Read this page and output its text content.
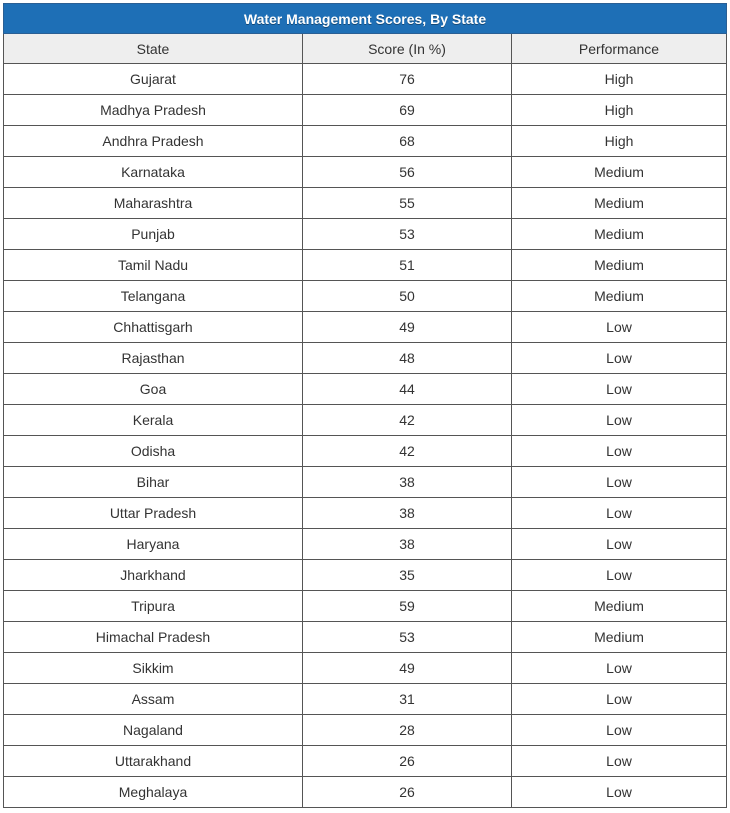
Water Management Scores, By State		
State	Score (In %)	Performance
Gujarat	76	High
Madhya Pradesh	69	High
Andhra Pradesh	68	High
Karnataka	56	Medium
Maharashtra	55	Medium
Punjab	53	Medium
Tamil Nadu	51	Medium
Telangana	50	Medium
Chhattisgarh	49	Low
Rajasthan	48	Low
Goa	44	Low
Kerala	42	Low
Odisha	42	Low
Bihar	38	Low
Uttar Pradesh	38	Low
Haryana	38	Low
Jharkhand	35	Low
Tripura	59	Medium
Himachal Pradesh	53	Medium
Sikkim	49	Low
Assam	31	Low
Nagaland	28	Low
Uttarakhand	26	Low
Meghalaya	26	Low
